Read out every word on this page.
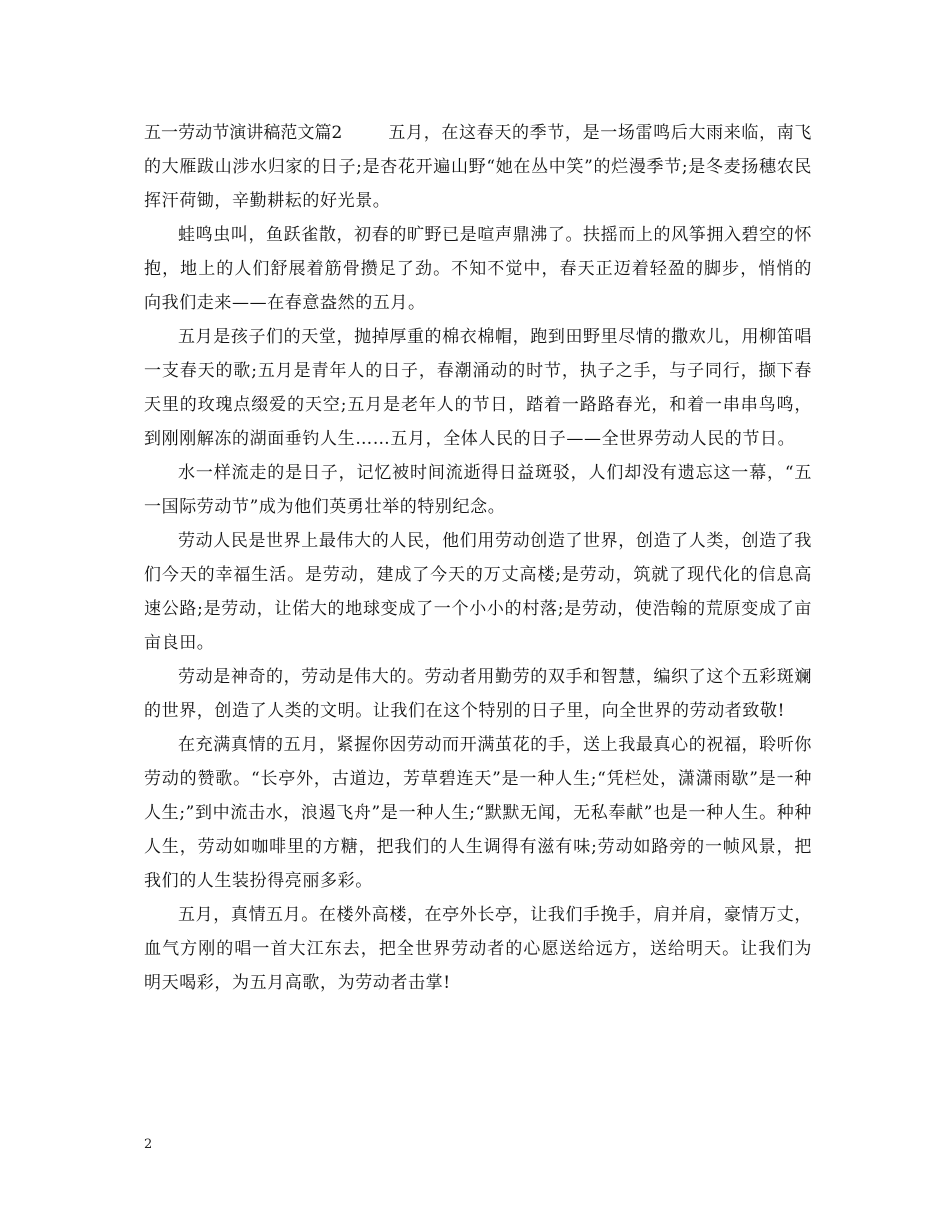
五一劳动节演讲稿范文篇2	五月，在这春天的季节，是一场雷鸣后大雨来临，南飞的大雁跋山涉水归家的日子;是杏花开遍山野“她在丛中笑”的烂漫季节;是冬麦扬穗农民挥汗荷锄，辛勤耕耘的好光景。

蛙鸣虫叫，鱼跃雀散，初春的旷野已是喧声鼎沸了。扶摇而上的风筝拥入碧空的怀抱，地上的人们舒展着筋骨攒足了劲。不知不觉中，春天正迈着轻盈的脚步，悄悄的向我们走来——在春意盎然的五月。

五月是孩子们的天堂，抛掉厚重的棉衣棉帽，跑到田野里尽情的撒欢儿，用柳笛唱一支春天的歌;五月是青年人的日子，春潮涌动的时节，执子之手，与子同行，撷下春天里的玫瑰点缀爱的天空;五月是老年人的节日，踏着一路路春光，和着一串串鸟鸣，到刚刚解冻的湖面垂钓人生……五月，全体人民的日子——全世界劳动人民的节日。

水一样流走的是日子，记忆被时间流逝得日益斑驳，人们却没有遗忘这一幕，“五一国际劳动节”成为他们英勇壮举的特别纪念。

劳动人民是世界上最伟大的人民，他们用劳动创造了世界，创造了人类，创造了我们今天的幸福生活。是劳动，建成了今天的万丈高楼;是劳动，筑就了现代化的信息高速公路;是劳动，让偌大的地球变成了一个小小的村落;是劳动，使浩翰的荒原变成了亩亩良田。

劳动是神奇的，劳动是伟大的。劳动者用勤劳的双手和智慧，编织了这个五彩斑斓的世界，创造了人类的文明。让我们在这个特别的日子里，向全世界的劳动者致敬!

在充满真情的五月，紧握你因劳动而开满茧花的手，送上我最真心的祝福，聆听你劳动的赞歌。“长亭外，古道边，芳草碧连天”是一种人生;“凭栏处，潇潇雨歇”是一种人生;”到中流击水，浪遏飞舟”是一种人生;“默默无闻，无私奉献”也是一种人生。种种人生，劳动如咖啡里的方糖，把我们的人生调得有滋有味;劳动如路旁的一帧风景，把我们的人生装扮得亮丽多彩。

五月，真情五月。在楼外高楼，在亭外长亭，让我们手挽手，肩并肩，豪情万丈，血气方刚的唱一首大江东去，把全世界劳动者的心愿送给远方，送给明天。让我们为明天喝彩，为五月高歌，为劳动者击掌!

2
